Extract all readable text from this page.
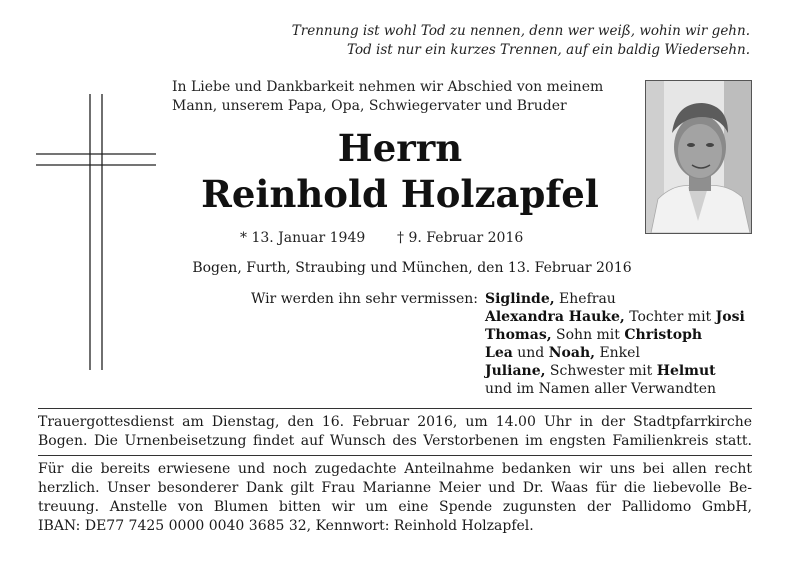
Trennung ist wohl Tod zu nennen, denn wer weiß, wohin wir gehn.
Tod ist nur ein kurzes Trennen, auf ein baldig Wiedersehn.
In Liebe und Dankbarkeit nehmen wir Abschied von meinem
Mann, unserem Papa, Opa, Schwiegervater und Bruder
Herrn
Reinhold Holzapfel
* 13. Januar 1949 † 9. Februar 2016
Bogen, Furth, Straubing und München, den 13. Februar 2016
Wir werden ihn sehr vermissen: Siglinde, Ehefrau
Alexandra Hauke, Tochter mit Josi
Thomas, Sohn mit Christoph
Lea und Noah, Enkel
Juliane, Schwester mit Helmut
und im Namen aller Verwandten
Trauergottesdienst am Dienstag, den 16. Februar 2016, um 14.00 Uhr in der Stadtpfarrkirche
Bogen. Die Urnenbeisetzung findet auf Wunsch des Verstorbenen im engsten Familienkreis statt.
Für die bereits erwiesene und noch zugedachte Anteilnahme bedanken wir uns bei allen recht
herzlich. Unser besonderer Dank gilt Frau Marianne Meier und Dr. Waas für die liebevolle Be-
treuung. Anstelle von Blumen bitten wir um eine Spende zugunsten der Pallidomo GmbH,
IBAN: DE77 7425 0000 0040 3685 32, Kennwort: Reinhold Holzapfel.
